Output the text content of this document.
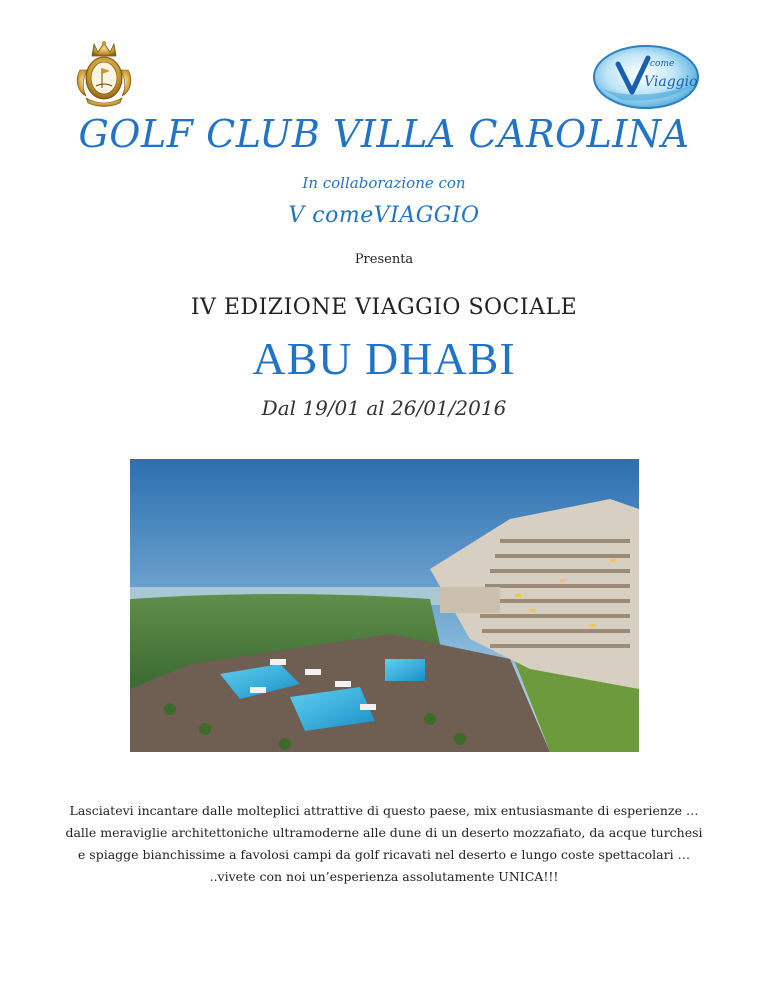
come
Viaggio
GOLF CLUB VILLA CAROLINA
In collaborazione con
V comeVIAGGIO
Presenta
IV EDIZIONE VIAGGIO SOCIALE
ABU DHABI
Dal 19/01 al 26/01/2016

Lasciatevi incantare dalle molteplici attrattive di questo paese, mix entusiasmante di esperienze … dalle meraviglie architettoniche ultramoderne alle dune di un deserto mozzafiato, da acque turchesi e spiagge bianchissime a favolosi campi da golf ricavati nel deserto e lungo coste spettacolari …

..vivete con noi un’esperienza assolutamente UNICA!!!
